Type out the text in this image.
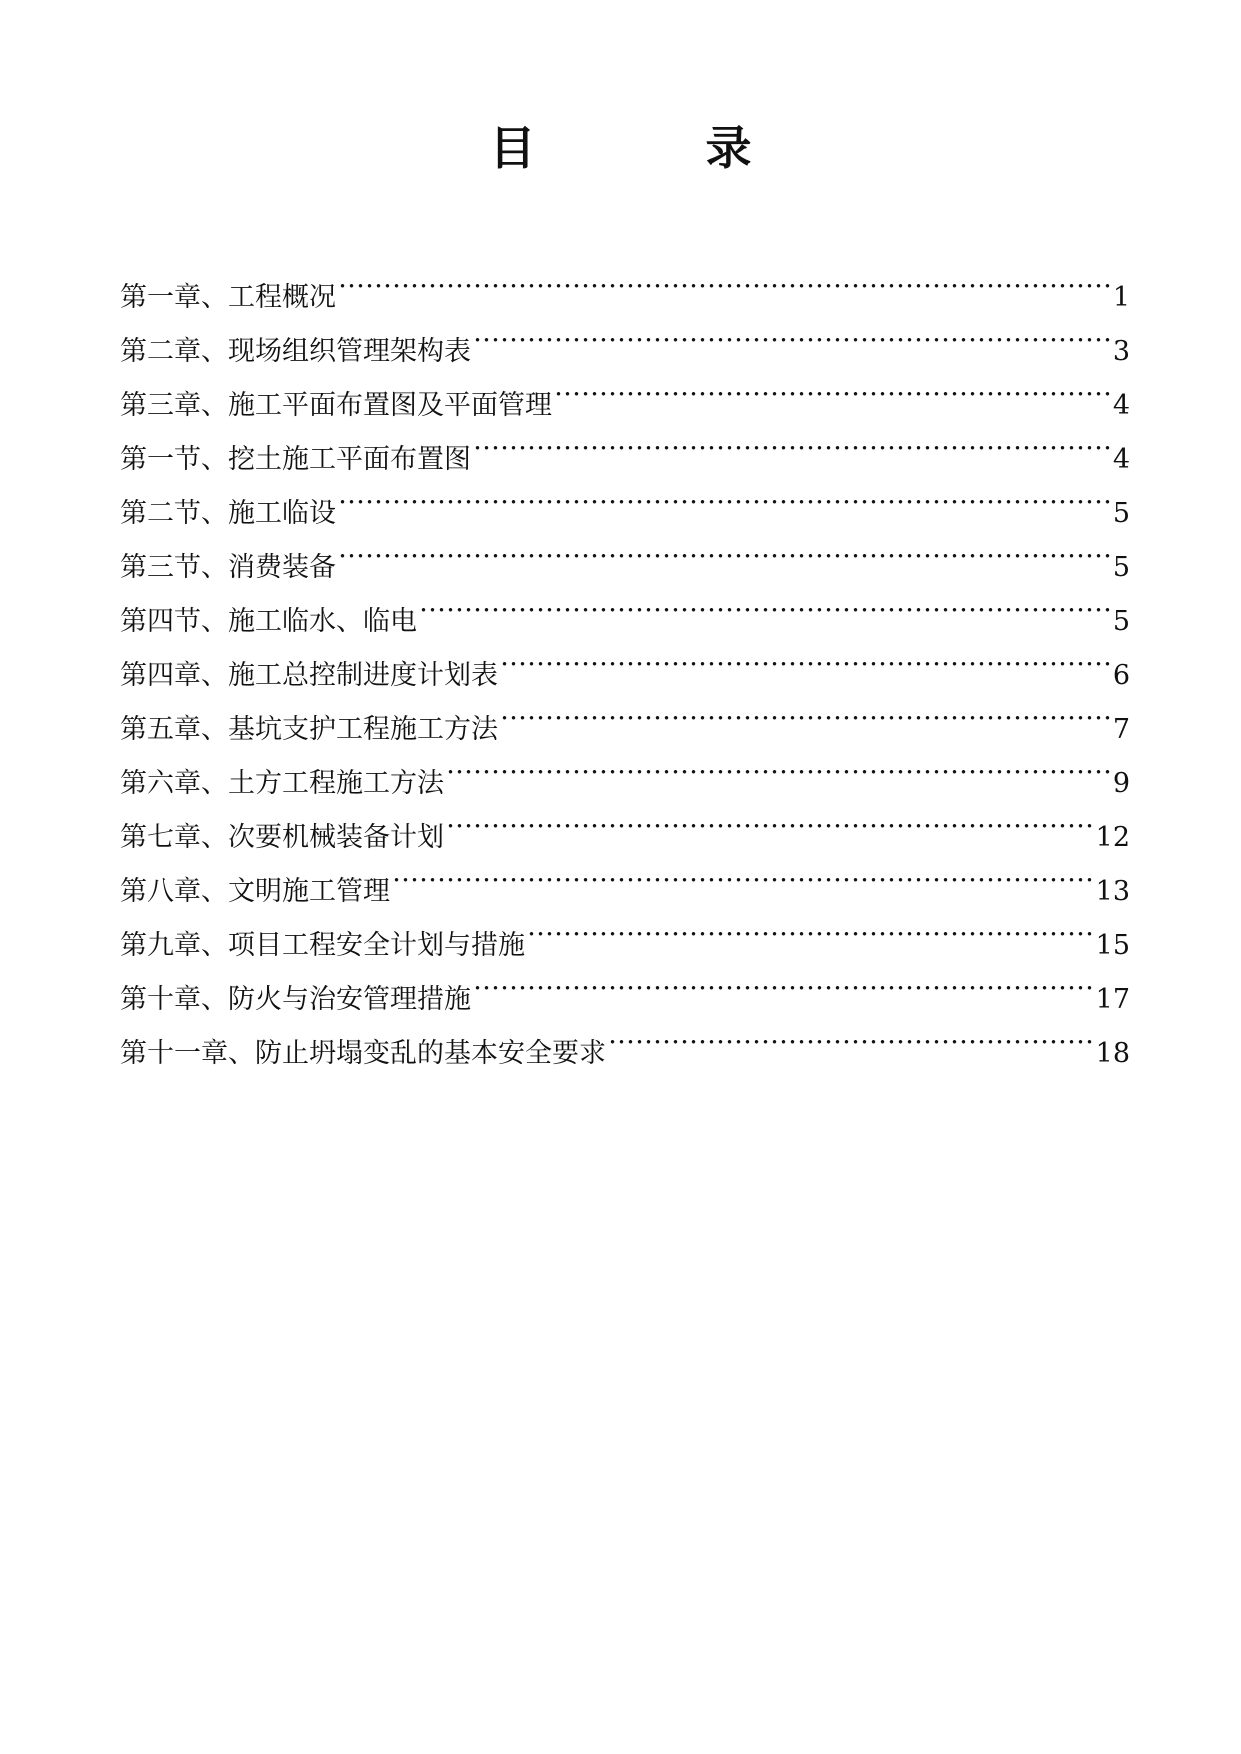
目　录
第一章、工程概况 …………………………………………………………………………………………………………………………………………………………………	1
第二章、现场组织管理架构表 …………………………………………………………………………………………………………………………………………………………………	3
第三章、施工平面布置图及平面管理 …………………………………………………………………………………………………………………………………………………………………	4
第一节、挖土施工平面布置图 …………………………………………………………………………………………………………………………………………………………………	4
第二节、施工临设 …………………………………………………………………………………………………………………………………………………………………	5
第三节、消费装备 …………………………………………………………………………………………………………………………………………………………………	5
第四节、施工临水、临电 …………………………………………………………………………………………………………………………………………………………………	5
第四章、施工总控制进度计划表 …………………………………………………………………………………………………………………………………………………………………	6
第五章、基坑支护工程施工方法 …………………………………………………………………………………………………………………………………………………………………	7
第六章、土方工程施工方法 …………………………………………………………………………………………………………………………………………………………………	9
第七章、次要机械装备计划 …………………………………………………………………………………………………………………………………………………………………	12
第八章、文明施工管理 …………………………………………………………………………………………………………………………………………………………………	13
第九章、项目工程安全计划与措施 …………………………………………………………………………………………………………………………………………………………………	15
第十章、防火与治安管理措施 …………………………………………………………………………………………………………………………………………………………………	17
第十一章、防止坍塌变乱的基本安全要求 …………………………………………………………………………………………………………………………………………………………………	18
